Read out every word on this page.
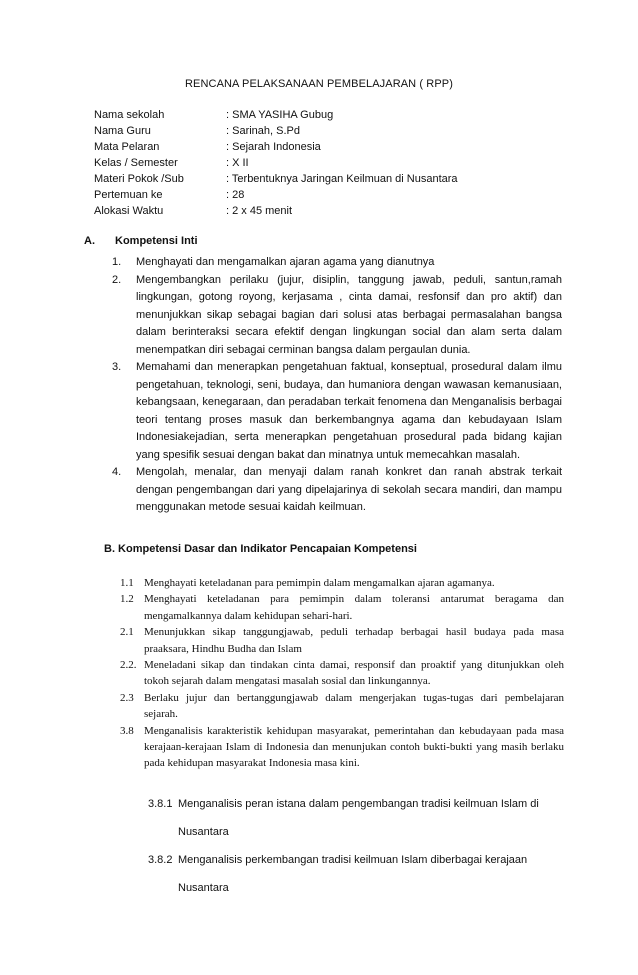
RENCANA PELAKSANAAN PEMBELAJARAN ( RPP)
Nama sekolah	: SMA YASIHA Gubug
Nama Guru	: Sarinah, S.Pd
Mata Pelaran	: Sejarah Indonesia
Kelas / Semester	: X II
Materi Pokok /Sub	: Terbentuknya Jaringan Keilmuan di Nusantara
Pertemuan ke	: 28
Alokasi Waktu	: 2 x 45 menit
A. Kompetensi Inti
1. Menghayati dan mengamalkan ajaran agama yang dianutnya
2. Mengembangkan perilaku (jujur, disiplin, tanggung jawab, peduli, santun,ramah lingkungan, gotong royong, kerjasama , cinta damai, resfonsif dan pro aktif) dan menunjukkan sikap sebagai bagian dari solusi atas berbagai permasalahan bangsa dalam berinteraksi secara efektif dengan lingkungan social dan alam serta dalam menempatkan diri sebagai cerminan bangsa dalam pergaulan dunia.
3. Memahami dan menerapkan pengetahuan faktual, konseptual, prosedural dalam ilmu pengetahuan, teknologi, seni, budaya, dan humaniora dengan wawasan kemanusiaan, kebangsaan, kenegaraan, dan peradaban terkait fenomena dan Menganalisis berbagai teori tentang proses masuk dan berkembangnya agama dan kebudayaan Islam Indonesiakejadian, serta menerapkan pengetahuan prosedural pada bidang kajian yang spesifik sesuai dengan bakat dan minatnya untuk memecahkan masalah.
4. Mengolah, menalar, dan menyaji dalam ranah konkret dan ranah abstrak terkait dengan pengembangan dari yang dipelajarinya di sekolah secara mandiri, dan mampu menggunakan metode sesuai kaidah keilmuan.
B. Kompetensi Dasar dan Indikator Pencapaian Kompetensi
1.1 Menghayati keteladanan para pemimpin dalam mengamalkan ajaran agamanya.
1.2 Menghayati keteladanan para pemimpin dalam toleransi antarumat beragama dan mengamalkannya dalam kehidupan sehari-hari.
2.1 Menunjukkan sikap tanggungjawab, peduli terhadap berbagai hasil budaya pada masa praaksara, Hindhu Budha dan Islam
2.2. Meneladani sikap dan tindakan cinta damai, responsif dan proaktif yang ditunjukkan oleh tokoh sejarah dalam mengatasi masalah sosial dan linkungannya.
2.3 Berlaku jujur dan bertanggungjawab dalam mengerjakan tugas-tugas dari pembelajaran sejarah.
3.8 Menganalisis karakteristik kehidupan masyarakat, pemerintahan dan kebudayaan pada masa kerajaan-kerajaan Islam di Indonesia dan menunjukan contoh bukti-bukti yang masih berlaku pada kehidupan masyarakat Indonesia masa kini.
3.8.1 Menganalisis peran istana dalam pengembangan tradisi keilmuan Islam di
Nusantara
3.8.2 Menganalisis perkembangan tradisi keilmuan Islam diberbagai kerajaan
Nusantara
